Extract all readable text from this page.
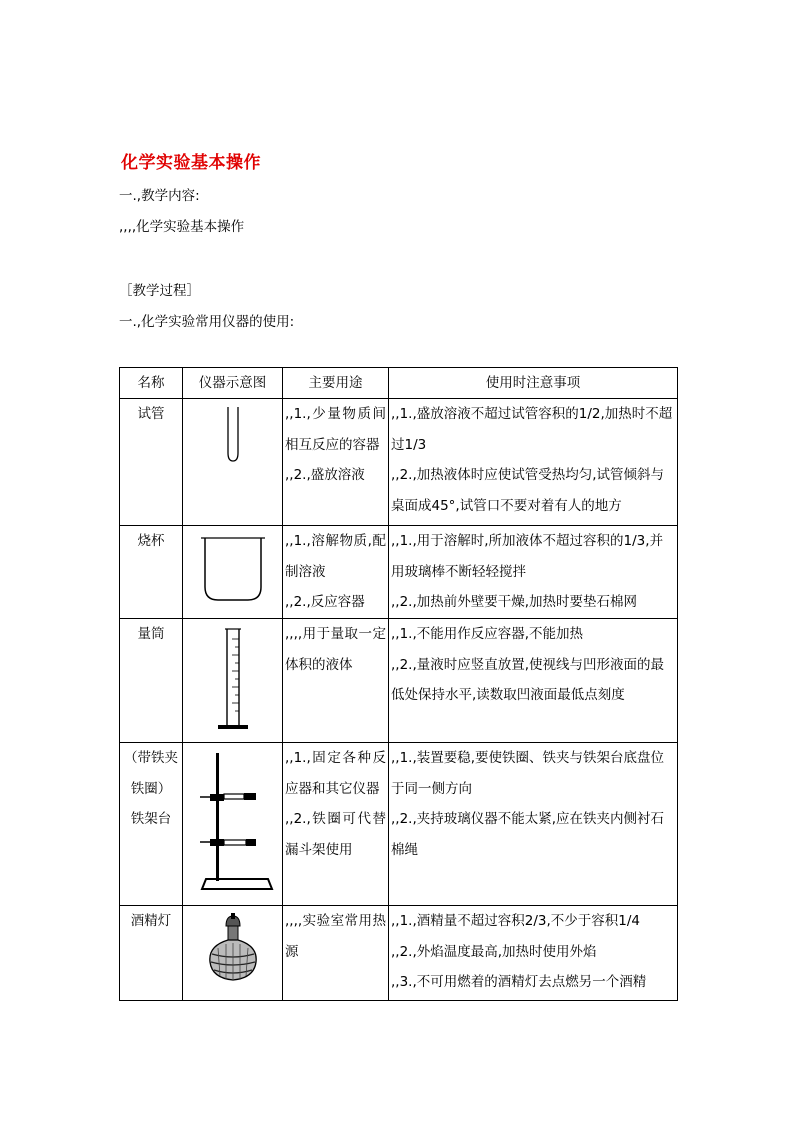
化学实验基本操作
一.,教学内容:
,,,,化学实验基本操作
［教学过程］
一.,化学实验常用仪器的使用:
名称	仪器示意图	主要用途	使用时注意事项

试管		,,1.,少量物质间相互反应的容器
,,2.,盛放溶液	,,1.,盛放溶液不超过试管容积的1/2,加热时不超过1/3
,,2.,加热液体时应使试管受热均匀,试管倾斜与桌面成45°,试管口不要对着有人的地方

烧杯		,,1.,溶解物质,配制溶液
,,2.,反应容器	,,1.,用于溶解时,所加液体不超过容积的1/3,并用玻璃棒不断轻轻搅拌
,,2.,加热前外壁要干燥,加热时要垫石棉网

量筒		,,,,用于量取一定体积的液体	,,1.,不能用作反应容器,不能加热
,,2.,量液时应竖直放置,使视线与凹形液面的最低处保持水平,读数取凹液面最低点刻度

（带铁夹
铁圈）
铁架台		,,1.,固定各种反应器和其它仪器
,,2.,铁圈可代替漏斗架使用	,,1.,装置要稳,要使铁圈、铁夹与铁架台底盘位于同一侧方向
,,2.,夹持玻璃仪器不能太紧,应在铁夹内侧衬石棉绳

酒精灯		,,,,实验室常用热源	,,1.,酒精量不超过容积2/3,不少于容积1/4
,,2.,外焰温度最高,加热时使用外焰
,,3.,不可用燃着的酒精灯去点燃另一个酒精
